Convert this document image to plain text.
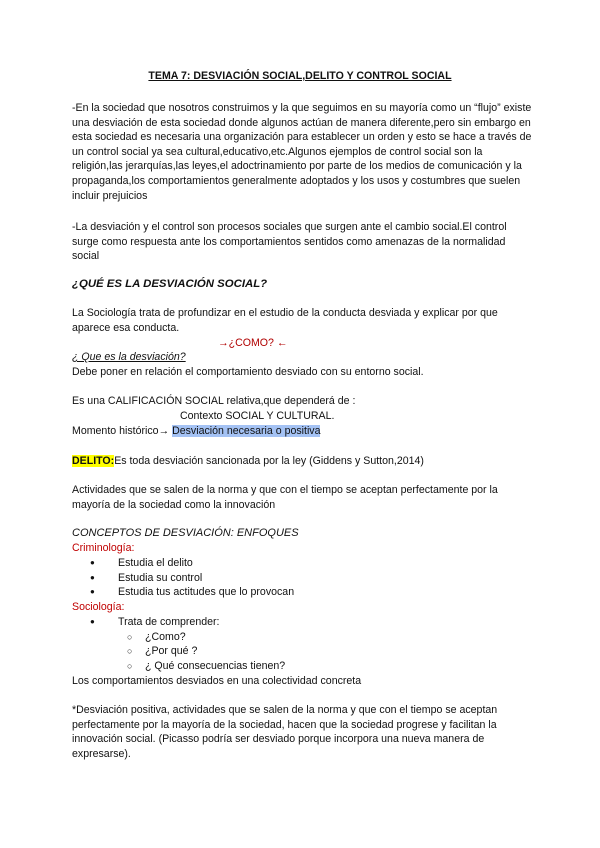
TEMA 7: DESVIACIÓN SOCIAL,DELITO Y CONTROL SOCIAL

-En la sociedad que nosotros construimos y la que seguimos en su mayoría como un “flujo” existe una desviación de esta sociedad donde algunos actúan de manera diferente,pero sin embargo en esta sociedad es necesaria una organización para establecer un orden y esto se hace a través de un control social ya sea cultural,educativo,etc.Algunos ejemplos de control social son la religión,las jerarquías,las leyes,el adoctrinamiento por parte de los medios de comunicación y la propaganda,los comportamientos generalmente adoptados y los usos y costumbres que suelen incluir prejuicios

-La desviación y el control son procesos sociales que surgen ante el cambio social.El control surge como respuesta ante los comportamientos sentidos como amenazas de la normalidad social

¿QUÉ ES LA DESVIACIÓN SOCIAL?

La Sociología trata de profundizar en el estudio de la conducta desviada y explicar por que aparece esa conducta.

→¿COMO? ←
¿ Que es la desviación?
Debe poner en relación el comportamiento desviado con su entorno social.
Es una CALIFICACIÓN SOCIAL relativa,que dependerá de :
Contexto SOCIAL Y CULTURAL.
Momento histórico→ Desviación necesaria o positiva
DELITO:Es toda desviación sancionada por la ley (Giddens y Sutton,2014)

Actividades que se salen de la norma y que con el tiempo se aceptan perfectamente por la mayoría de la sociedad como la innovación

CONCEPTOS DE DESVIACIÓN: ENFOQUES
Criminología:
● Estudia el delito
● Estudia su control
● Estudia tus actitudes que lo provocan
Sociología:
● Trata de comprender:
○ ¿Como?
○ ¿Por qué ?
○ ¿ Qué consecuencias tienen?
Los comportamientos desviados en una colectividad concreta

*Desviación positiva, actividades que se salen de la norma y que con el tiempo se aceptan perfectamente por la mayoría de la sociedad, hacen que la sociedad progrese y facilitan la innovación social. (Picasso podría ser desviado porque incorpora una nueva manera de expresarse).
